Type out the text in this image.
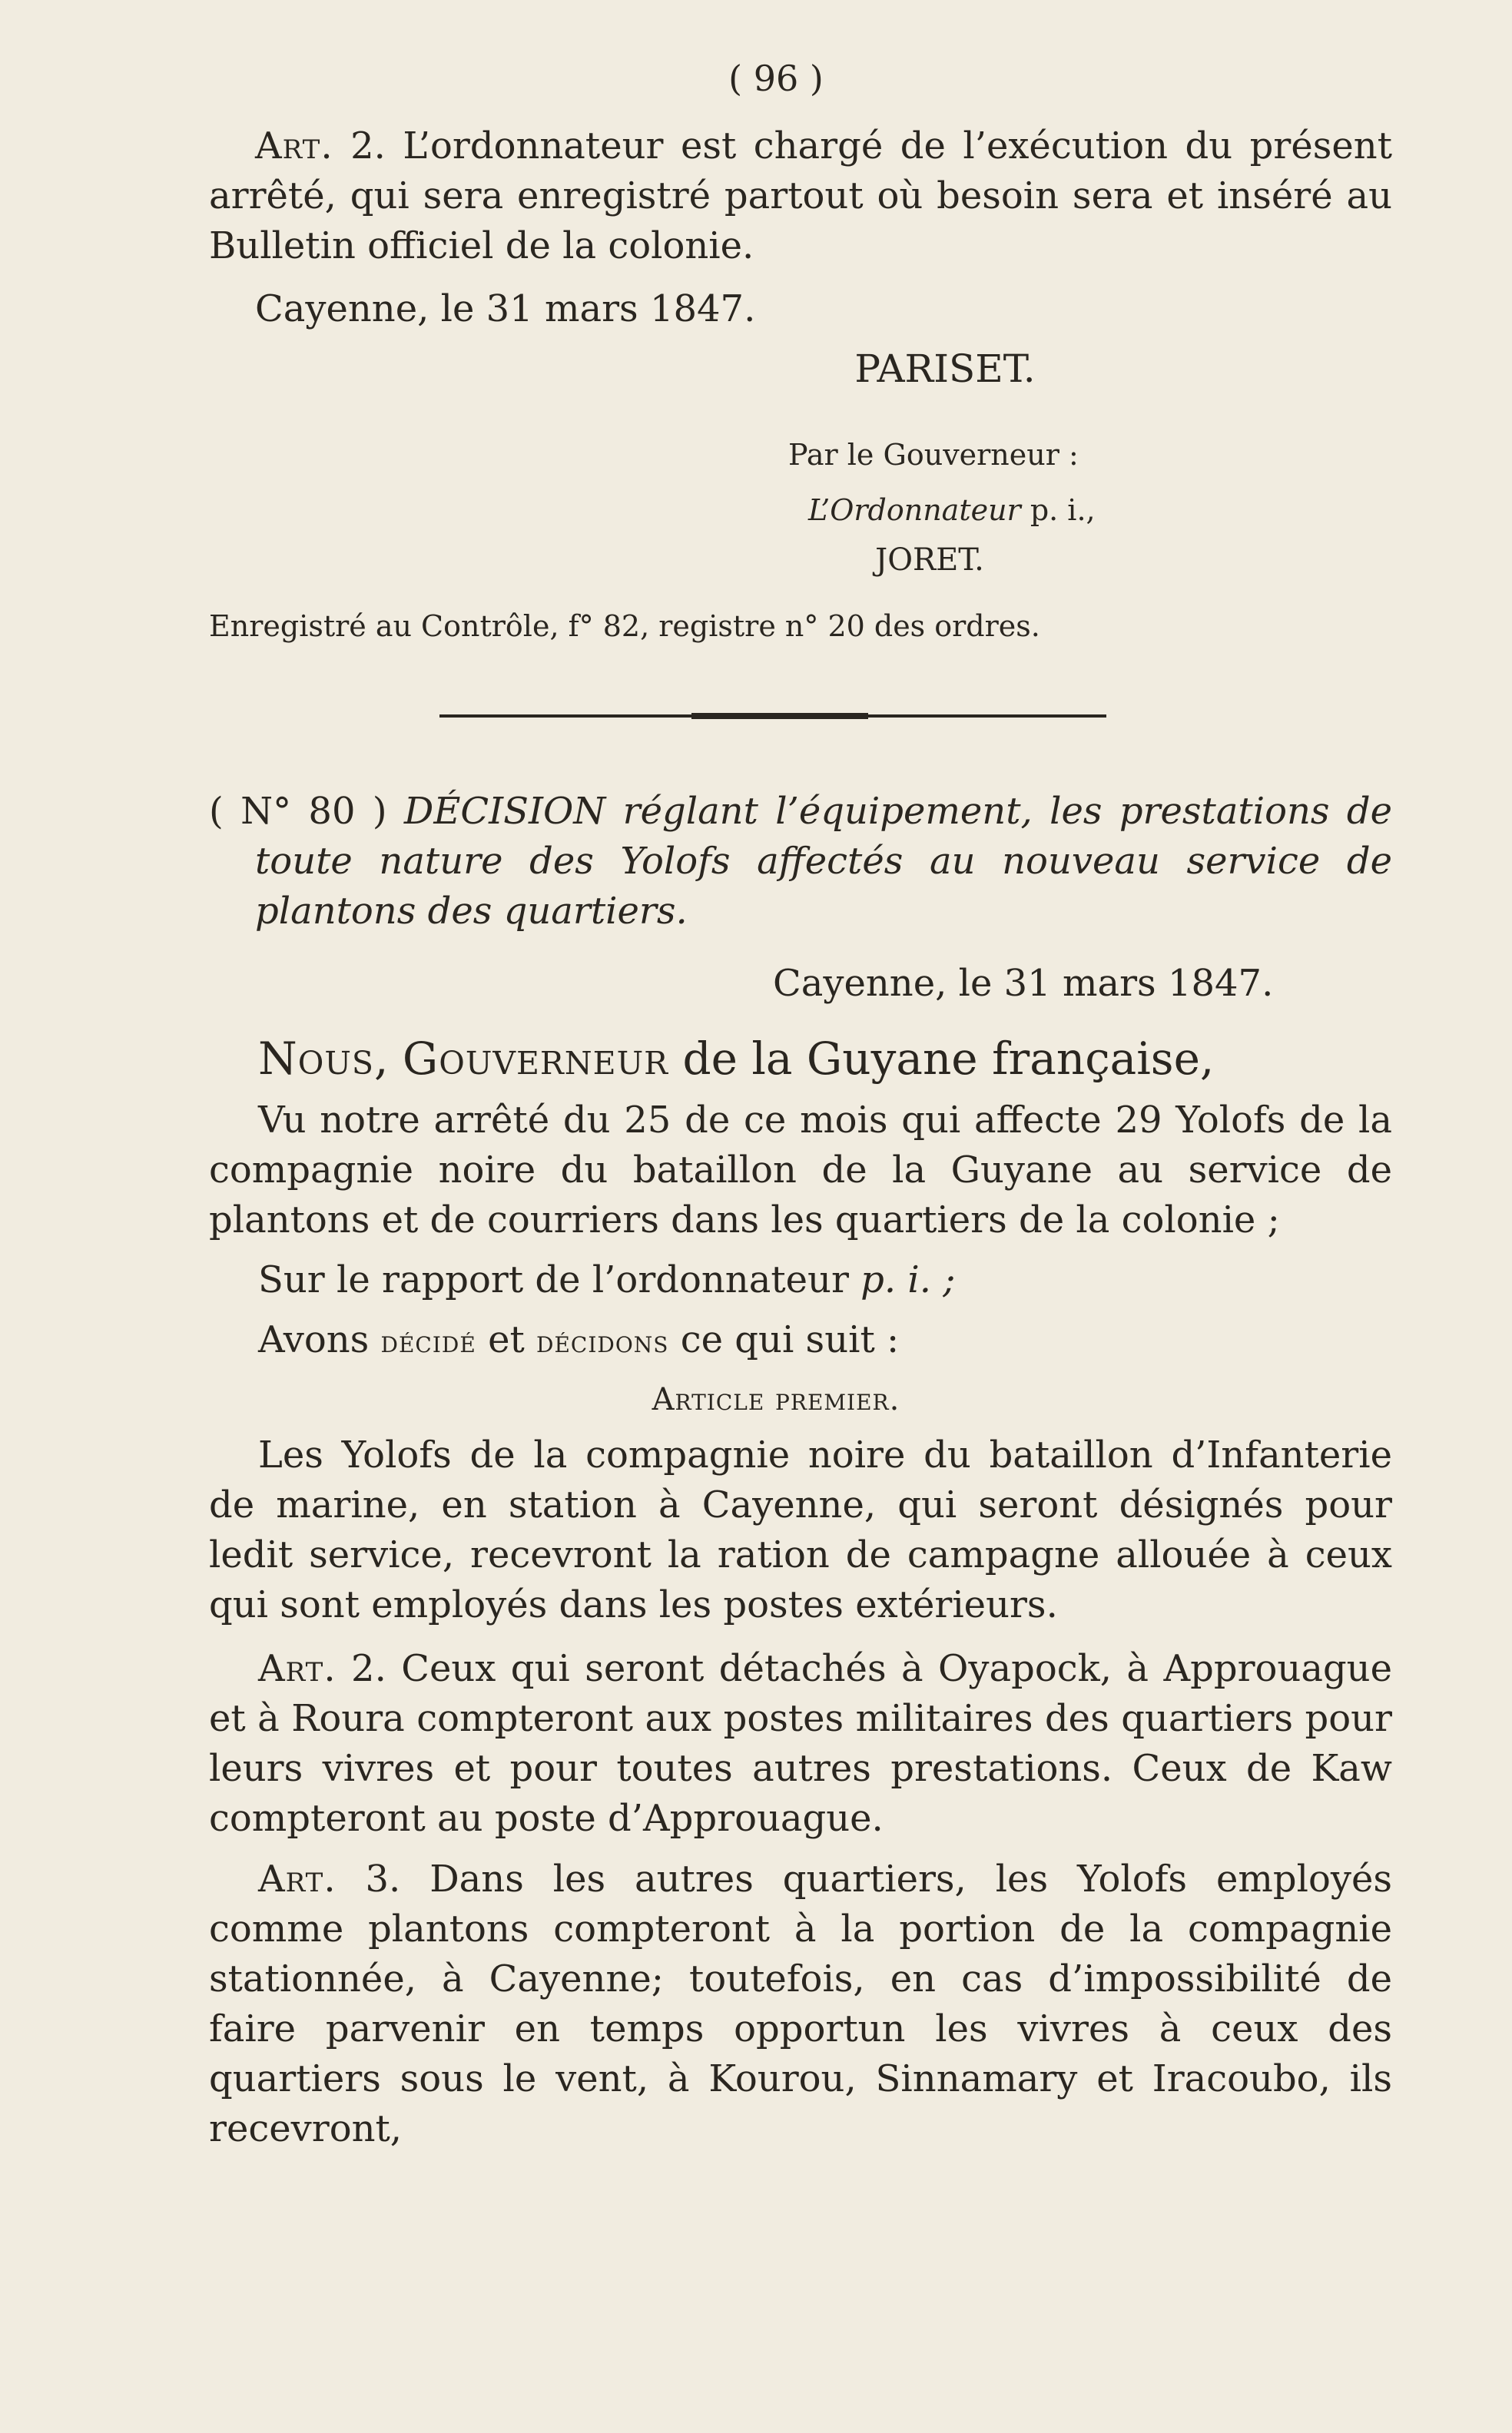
( 96 )

Art. 2. L’ordonnateur est chargé de l’exécution du présent arrêté, qui sera enregistré partout où besoin sera et inséré au Bulletin officiel de la colonie.

Cayenne, le 31 mars 1847.
PARISET.
Par le Gouverneur :
L’Ordonnateur p. i.,
JORET.
Enregistré au Contrôle, f° 82, registre n° 20 des ordres.

( N° 80 ) DÉCISION réglant l’équipement, les prestations de toute nature des Yolofs affectés au nouveau service de plantons des quartiers.

Cayenne, le 31 mars 1847.
Nous, Gouverneur de la Guyane française,

Vu notre arrêté du 25 de ce mois qui affecte 29 Yolofs de la compagnie noire du bataillon de la Guyane au service de plantons et de courriers dans les quartiers de la colonie ;

Sur le rapport de l’ordonnateur p. i. ;
Avons décidé et décidons ce qui suit :
Article premier.

Les Yolofs de la compagnie noire du bataillon d’Infanterie de marine, en station à Cayenne, qui seront désignés pour ledit service, recevront la ration de campagne allouée à ceux qui sont employés dans les postes extérieurs.

Art. 2. Ceux qui seront détachés à Oyapock, à Approuague et à Roura compteront aux postes militaires des quartiers pour leurs vivres et pour toutes autres prestations. Ceux de Kaw compteront au poste d’Approuague.

Art. 3. Dans les autres quartiers, les Yolofs employés comme plantons compteront à la portion de la compagnie stationnée, à Cayenne; toutefois, en cas d’impossibilité de faire parvenir en temps opportun les vivres à ceux des quartiers sous le vent, à Kourou, Sinnamary et Iracoubo, ils recevront,
